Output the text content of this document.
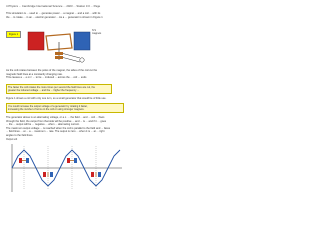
4 Physics ... Cambridge International Science ... 2023 ... Station 3.0 ... Page
This simulation is ... used to ... generate power ... a magnet ... and a coil ... with its
the ... to rotate ... in an ... electric generator ... As a ... generator is shown in Figure 1
Figure 1
N S
magnets
As the coil rotates between the poles of the magnet, the sides of the coil cut the
magnetic field lines at a constantly changing rate.
This causes a ... e.m.f. ... to be ... induced ... across the ... coil ... ends
The faster the coil rotates the more times per second the field lines are cut, the
greater the induced voltage ... and the ... higher the frequency ...
Figure 1 shows a coil with only one turn, so a small generator that would be of little use.
You could increase the output voltage of a generator by rotating it faster,
increasing the number of turns on the coil or using stronger magnets.
The generator above is an alternating voltage, or a.c. ... the field ... and ... coil ... flows
through the field, the output from that side will be positive ... and ... is ... and if it ... goes
... the ... output will be ... negative ... when ... alternating current.
The maximum output voltage ... is reached when the coil is parallel to the field and ... faces
... field lines ... at ... a ... maximum ... rate. The output is zero ... when it is ... at ... right
angles to the field lines.
Output volt
